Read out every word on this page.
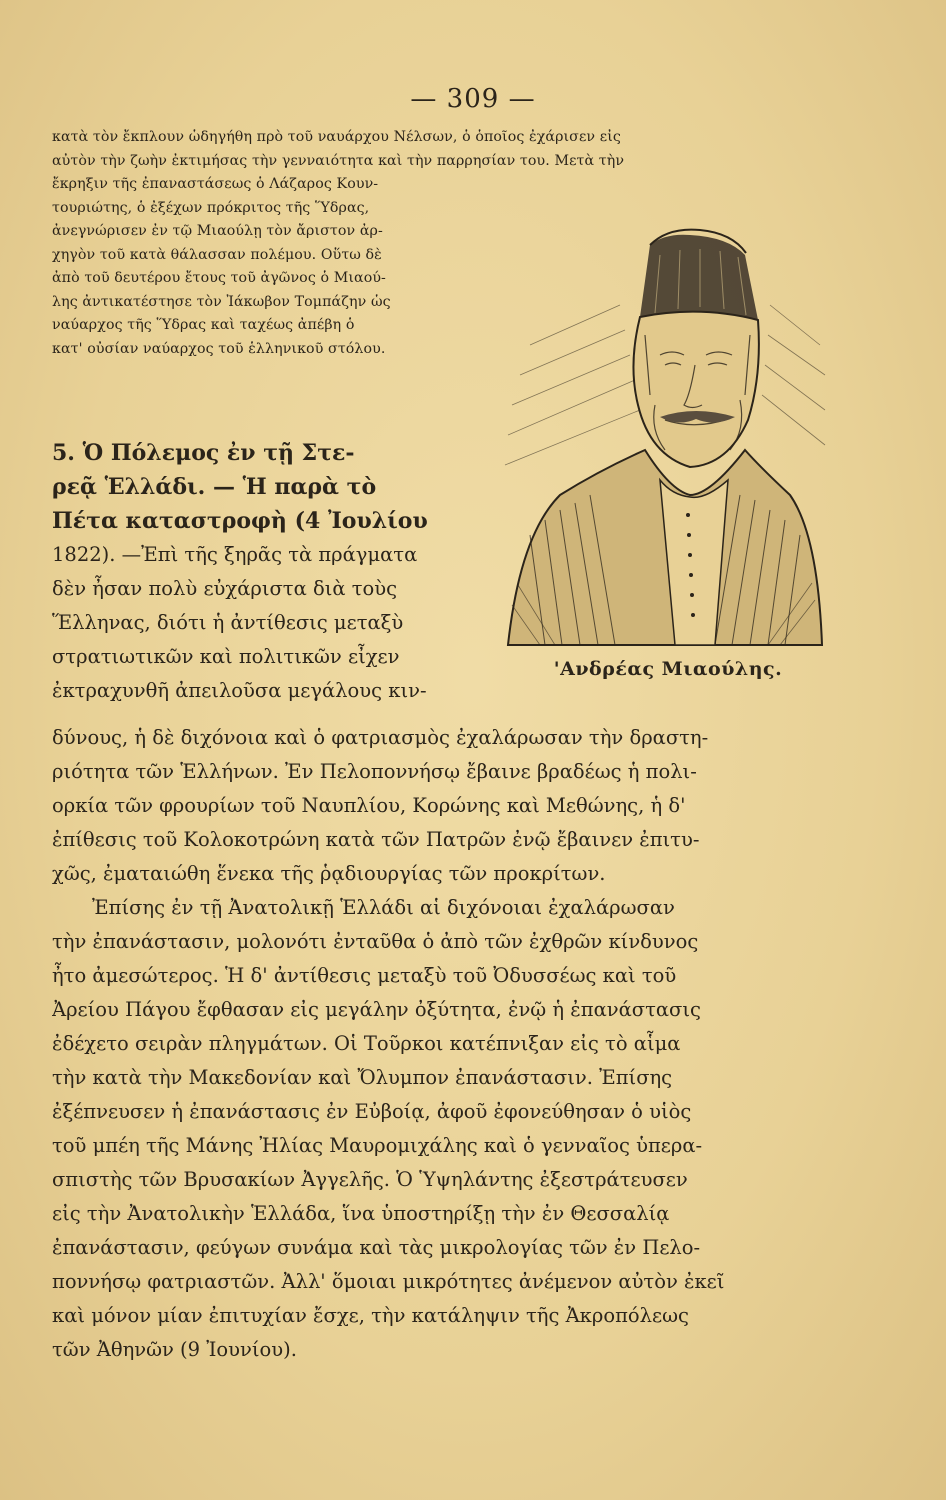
— 309 —
κατὰ τὸν ἔκπλουν ὡδηγήθη πρὸ τοῦ ναυάρχου Νέλσων, ὁ ὁποῖος ἐχάρισεν εἰς
αὐτὸν τὴν ζωὴν ἐκτιμήσας τὴν γενναιότητα καὶ τὴν παρρησίαν του. Μετὰ τὴν
ἔκρηξιν τῆς ἐπαναστάσεως ὁ Λάζαρος Κουν-
τουριώτης, ὁ ἐξέχων πρόκριτος τῆς Ὕδρας,
ἀνεγνώρισεν ἐν τῷ Μιαούλῃ τὸν ἄριστον ἀρ-
χηγὸν τοῦ κατὰ θάλασσαν πολέμου. Οὕτω δὲ
ἀπὸ τοῦ δευτέρου ἔτους τοῦ ἀγῶνος ὁ Μιαού-
λης ἀντικατέστησε τὸν Ἰάκωβον Τομπάζην ὡς
ναύαρχος τῆς Ὕδρας καὶ ταχέως ἀπέβη ὁ
κατ' οὐσίαν ναύαρχος τοῦ ἑλληνικοῦ στόλου.
5. Ὁ Πόλεμος ἐν τῇ Στε-
ρεᾷ Ἑλλάδι. — Ἡ παρὰ τὸ
Πέτα καταστροφὴ (4 Ἰουλίου
1822). —Ἐπὶ τῆς ξηρᾶς τὰ πράγματα
δὲν ἦσαν πολὺ εὐχάριστα διὰ τοὺς
Ἕλληνας, διότι ἡ ἀντίθεσις μεταξὺ
στρατιωτικῶν καὶ πολιτικῶν εἶχεν
ἐκτραχυνθῆ ἀπειλοῦσα μεγάλους κιν-
'Ανδρέας Μιαούλης.
δύνους, ἡ δὲ διχόνοια καὶ ὁ φατριασμὸς ἐχαλάρωσαν τὴν δραστη-
ριότητα τῶν Ἑλλήνων. Ἐν Πελοποννήσῳ ἔβαινε βραδέως ἡ πολι-
ορκία τῶν φρουρίων τοῦ Ναυπλίου, Κορώνης καὶ Μεθώνης, ἡ δ'
ἐπίθεσις τοῦ Κολοκοτρώνη κατὰ τῶν Πατρῶν ἐνῷ ἔβαινεν ἐπιτυ-
χῶς, ἐματαιώθη ἕνεκα τῆς ῥᾳδιουργίας τῶν προκρίτων.
Ἐπίσης ἐν τῇ Ἀνατολικῇ Ἑλλάδι αἱ διχόνοιαι ἐχαλάρωσαν
τὴν ἐπανάστασιν, μολονότι ἐνταῦθα ὁ ἀπὸ τῶν ἐχθρῶν κίνδυνος
ἦτο ἀμεσώτερος. Ἡ δ' ἀντίθεσις μεταξὺ τοῦ Ὀδυσσέως καὶ τοῦ
Ἀρείου Πάγου ἔφθασαν εἰς μεγάλην ὀξύτητα, ἐνῷ ἡ ἐπανάστασις
ἐδέχετο σειρὰν πληγμάτων. Οἱ Τοῦρκοι κατέπνιξαν εἰς τὸ αἷμα
τὴν κατὰ τὴν Μακεδονίαν καὶ Ὄλυμπον ἐπανάστασιν. Ἐπίσης
ἐξέπνευσεν ἡ ἐπανάστασις ἐν Εὐβοίᾳ, ἀφοῦ ἐφονεύθησαν ὁ υἱὸς
τοῦ μπέη τῆς Μάνης Ἠλίας Μαυρομιχάλης καὶ ὁ γενναῖος ὑπερα-
σπιστὴς τῶν Βρυσακίων Ἀγγελῆς. Ὁ Ὑψηλάντης ἐξεστράτευσεν
εἰς τὴν Ἀνατολικὴν Ἑλλάδα, ἵνα ὑποστηρίξῃ τὴν ἐν Θεσσαλίᾳ
ἐπανάστασιν, φεύγων συνάμα καὶ τὰς μικρολογίας τῶν ἐν Πελο-
ποννήσῳ φατριαστῶν. Ἀλλ' ὅμοιαι μικρότητες ἀνέμενον αὐτὸν ἐκεῖ
καὶ μόνον μίαν ἐπιτυχίαν ἔσχε, τὴν κατάληψιν τῆς Ἀκροπόλεως
τῶν Ἀθηνῶν (9 Ἰουνίου).
